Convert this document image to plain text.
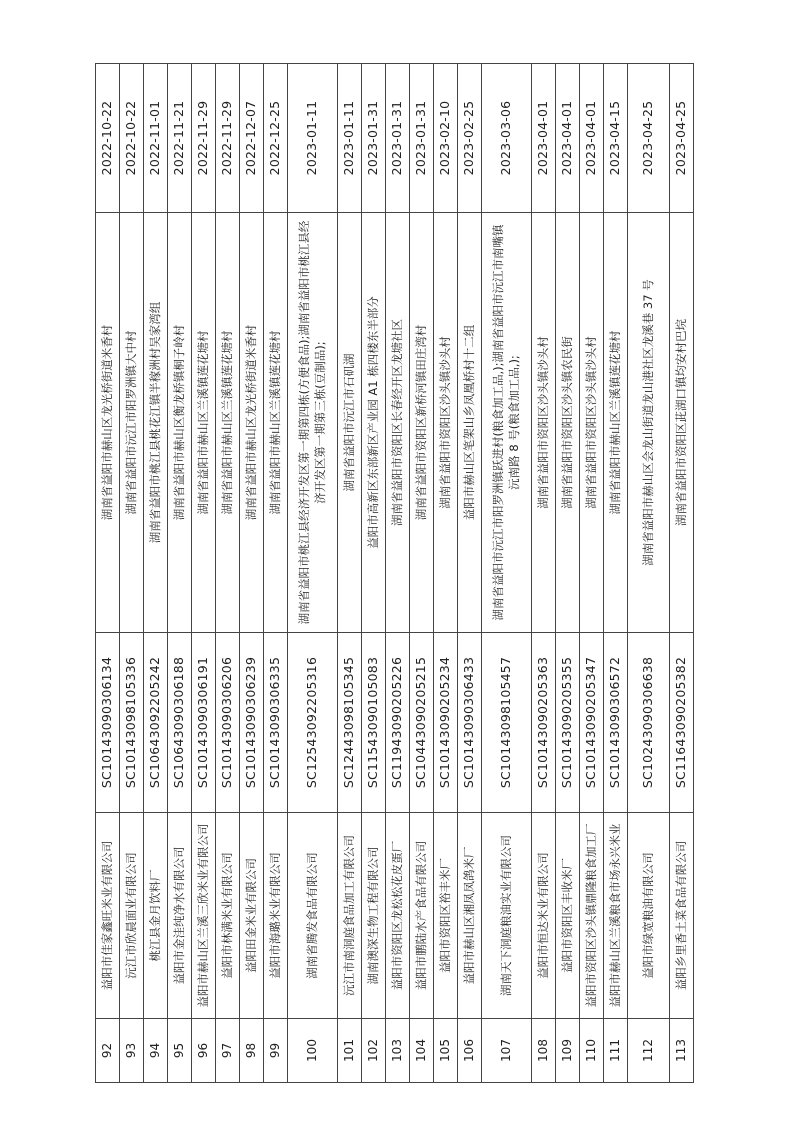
92	益阳市佳家鑫旺米业有限公司	SC10143090306134	湖南省益阳市赫山区龙光桥街道米香村	2022-10-22
93	沅江市欣晨面业有限公司	SC10143098105336	湖南省益阳市沅江市阳罗洲镇大中村	2022-10-22
94	桃江县金月饮料厂	SC10643092205242	湖南省益阳市桃江县桃花江镇半稼洲村吴家湾组	2022-11-01
95	益阳市金洼纯净水有限公司	SC10643090306188	湖南省益阳市赫山区衡龙桥镇桐子岭村	2022-11-21
96	益阳市赫山区兰溪三欣米业有限公司	SC10143090306191	湖南省益阳市赫山区兰溪镇莲花塘村	2022-11-29
97	益阳市林满米业有限公司	SC10143090306206	湖南省益阳市赫山区兰溪镇莲花塘村	2022-11-29
98	益阳田金米业有限公司	SC10143090306239	湖南省益阳市赫山区龙光桥街道米香村	2022-12-07
99	益阳市海璐米业有限公司	SC10143090306335	湖南省益阳市赫山区兰溪镇莲花塘村	2022-12-25
100	湖南省腾发食品有限公司	SC12543092205316	湖南省益阳市桃江县经济开发区第一期第四栋(方便食品);湖南省益阳市桃江县经济开发区第一期第三栋(豆制品);	2023-01-11
101	沅江市南洞庭食品加工有限公司	SC12443098105345	湖南省益阳市沅江市石矶湖	2023-01-11
102	湖南澳深生物工程有限公司	SC11543090105083	益阳市高新区东部新区产业园 A1 栋四楼东半部分	2023-01-31
103	益阳市资阳区龙松松花皮蛋厂	SC11943090205226	湖南省益阳市资阳区长春经开区龙塘社区	2023-01-31
104	益阳市鹏陆水产食品有限公司	SC10443090205215	湖南省益阳市资阳区新桥河镇田庄湾村	2023-01-31
105	益阳市资阳区裕丰米厂	SC10143090205234	湖南省益阳市资阳区沙头镇沙头村	2023-02-10
106	益阳市赫山区湘凤凤鸽米厂	SC10143090306433	益阳市赫山区笔架山乡凤凰桥村十二组	2023-02-25
107	湖南天下洞庭粮油实业有限公司	SC10143098105457	湖南省益阳市沅江市阳罗洲镇跃进村(粮食加工品,);湖南省益阳市沅江市南嘴镇沅南路 8 号(粮食加工品,);	2023-03-06
108	益阳市恒达米业有限公司	SC10143090205363	湖南省益阳市资阳区沙头镇沙头村	2023-04-01
109	益阳市资阳区丰收米厂	SC10143090205355	湖南省益阳市资阳区沙头镇农民街	2023-04-01
110	益阳市资阳区沙头镇鼎隆粮食加工厂	SC10143090205347	湖南省益阳市资阳区沙头镇沙头村	2023-04-01
111	益阳市赫山区兰溪粮食市场永兴米业	SC10143090306572	湖南省益阳市赫山区兰溪镇莲花塘村	2023-04-15
112	益阳市绿宽粮油有限公司	SC10243090306638	湖南省益阳市赫山区会龙山街道龙山港社区龙溪巷 37 号	2023-04-25
113	益阳乡里香土菜食品有限公司	SC11643090205382	湖南省益阳市资阳区茈湖口镇均安村巴垸	2023-04-25
